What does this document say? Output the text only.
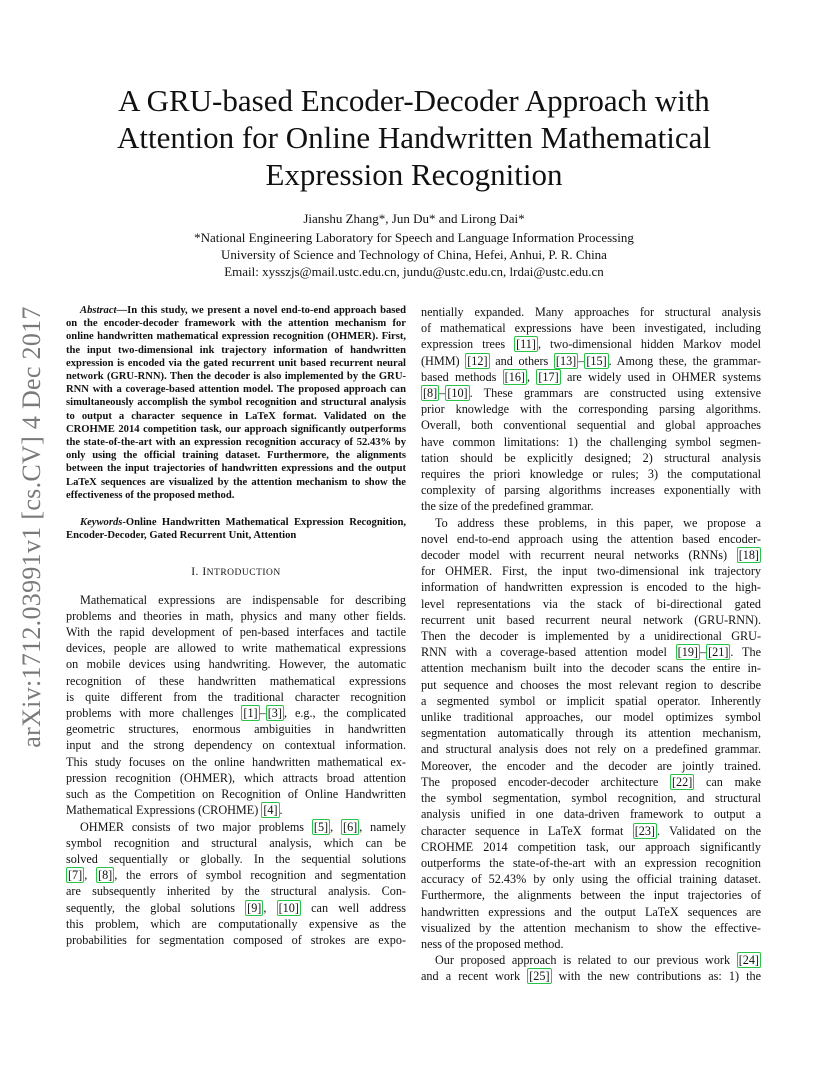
A GRU-based Encoder-Decoder Approach with
Attention for Online Handwritten Mathematical
Expression Recognition
Jianshu Zhang*, Jun Du* and Lirong Dai*
*National Engineering Laboratory for Speech and Language Information Processing
University of Science and Technology of China, Hefei, Anhui, P. R. China
Email: xysszjs@mail.ustc.edu.cn, jundu@ustc.edu.cn, lrdai@ustc.edu.cn
arXiv:1712.03991v1 [cs.CV] 4 Dec 2017	Abstract—In this study, we present a novel end-to-end approach based on the encoder-decoder framework with the attention mechanism for online handwritten mathematical expression recognition (OHMER). First, the input two-dimensional ink trajectory information of handwritten expression is encoded via the gated recurrent unit based recurrent neural network (GRU-RNN). Then the decoder is also implemented by the GRU-RNN with a coverage-based attention model. The proposed approach can simultaneously accomplish the symbol recognition and structural analysis to output a character sequence in LaTeX format. Validated on the CROHME 2014 competition task, our approach significantly outperforms the state-of-the-art with an expression recognition accuracy of 52.43% by only using the official training dataset. Furthermore, the alignments between the input trajectories of handwritten expressions and the output LaTeX sequences are visualized by the attention mechanism to show the effectiveness of the proposed method.
Keywords-Online Handwritten Mathematical Expression Recognition, Encoder-Decoder, Gated Recurrent Unit, Attention
I. INTRODUCTION
Mathematical expressions are indispensable for describing
problems and theories in math, physics and many other fields.
With the rapid development of pen-based interfaces and tactile
devices, people are allowed to write mathematical expressions
on mobile devices using handwriting. However, the automatic
recognition of these handwritten mathematical expressions
is quite different from the traditional character recognition
problems with more challenges [1] – [3] , e.g., the complicated
geometric structures, enormous ambiguities in handwritten
input and the strong dependency on contextual information.
This study focuses on the online handwritten mathematical ex-
pression recognition (OHMER), which attracts broad attention
such as the Competition on Recognition of Online Handwritten
Mathematical Expressions (CROHME) [4] .
OHMER consists of two major problems [5] , [6] , namely
symbol recognition and structural analysis, which can be
solved sequentially or globally. In the sequential solutions
[7] , [8] , the errors of symbol recognition and segmentation
are subsequently inherited by the structural analysis. Con-
sequently, the global solutions [9] , [10] can well address
this problem, which are computationally expensive as the
probabilities for segmentation composed of strokes are expo-
nentially expanded. Many approaches for structural analysis
of mathematical expressions have been investigated, including
expression trees [11] , two-dimensional hidden Markov model
(HMM) [12] and others [13] – [15] . Among these, the grammar-
based methods [16] , [17] are widely used in OHMER systems
[8] – [10] . These grammars are constructed using extensive
prior knowledge with the corresponding parsing algorithms.
Overall, both conventional sequential and global approaches
have common limitations: 1) the challenging symbol segmen-
tation should be explicitly designed; 2) structural analysis
requires the priori knowledge or rules; 3) the computational
complexity of parsing algorithms increases exponentially with
the size of the predefined grammar.
To address these problems, in this paper, we propose a
novel end-to-end approach using the attention based encoder-
decoder model with recurrent neural networks (RNNs) [18]
for OHMER. First, the input two-dimensional ink trajectory
information of handwritten expression is encoded to the high-
level representations via the stack of bi-directional gated
recurrent unit based recurrent neural network (GRU-RNN).
Then the decoder is implemented by a unidirectional GRU-
RNN with a coverage-based attention model [19] – [21] . The
attention mechanism built into the decoder scans the entire in-
put sequence and chooses the most relevant region to describe
a segmented symbol or implicit spatial operator. Inherently
unlike traditional approaches, our model optimizes symbol
segmentation automatically through its attention mechanism,
and structural analysis does not rely on a predefined grammar.
Moreover, the encoder and the decoder are jointly trained.
The proposed encoder-decoder architecture [22] can make
the symbol segmentation, symbol recognition, and structural
analysis unified in one data-driven framework to output a
character sequence in LaTeX format [23] . Validated on the
CROHME 2014 competition task, our approach significantly
outperforms the state-of-the-art with an expression recognition
accuracy of 52.43% by only using the official training dataset.
Furthermore, the alignments between the input trajectories of
handwritten expressions and the output LaTeX sequences are
visualized by the attention mechanism to show the effective-
ness of the proposed method.
Our proposed approach is related to our previous work [24]
and a recent work [25] with the new contributions as: 1) the
